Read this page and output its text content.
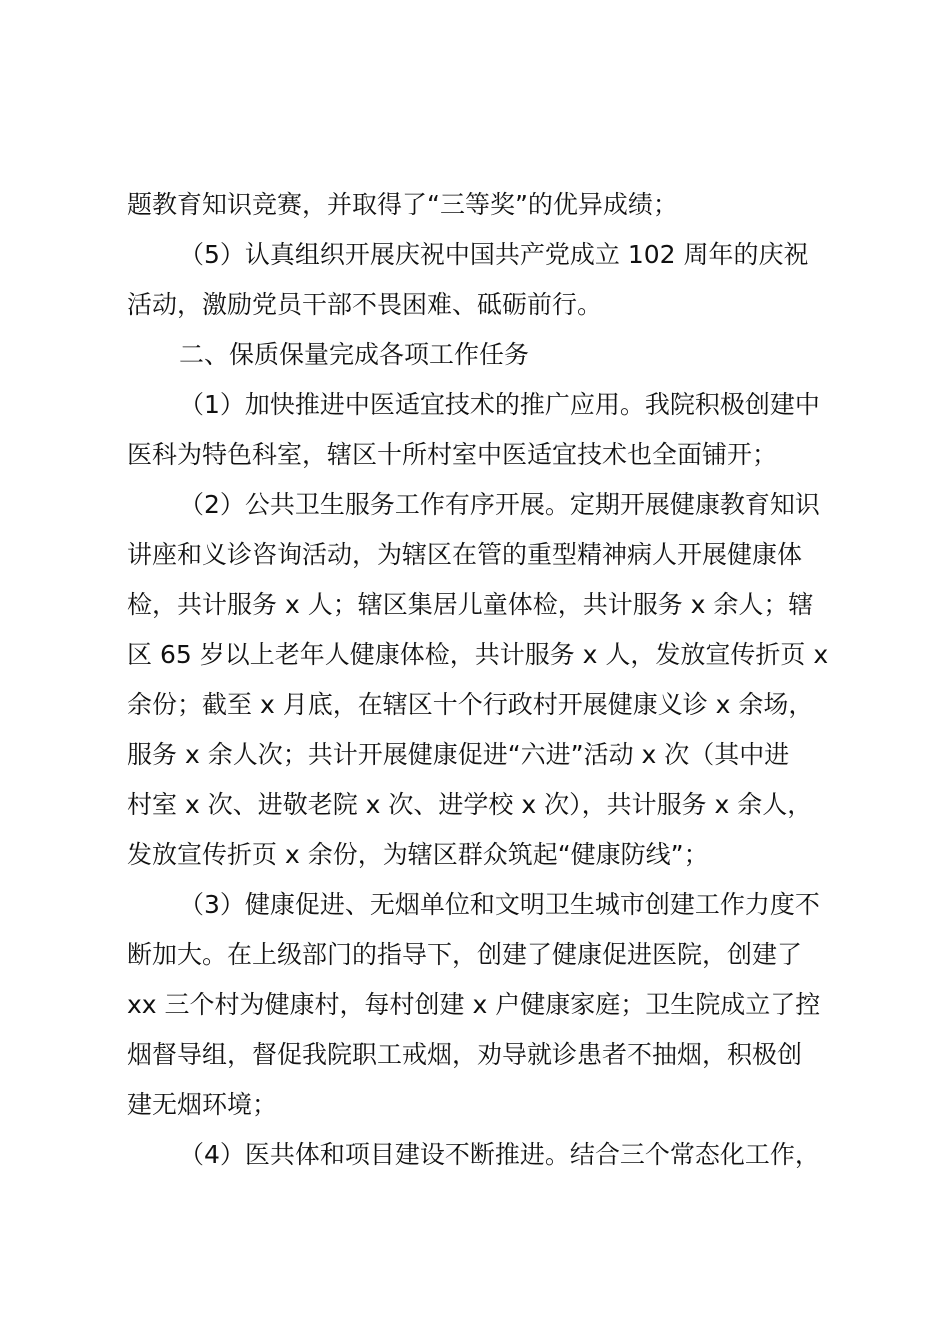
题教育知识竞赛，并取得了“三等奖”的优异成绩；
（5）认真组织开展庆祝中国共产党成立 102 周年的庆祝
活动，激励党员干部不畏困难、砥砺前行。
二、保质保量完成各项工作任务
（1）加快推进中医适宜技术的推广应用。我院积极创建中
医科为特色科室，辖区十所村室中医适宜技术也全面铺开；
（2）公共卫生服务工作有序开展。定期开展健康教育知识
讲座和义诊咨询活动，为辖区在管的重型精神病人开展健康体
检，共计服务 x 人；辖区集居儿童体检，共计服务 x 余人；辖
区 65 岁以上老年人健康体检，共计服务 x 人，发放宣传折页 x
余份；截至 x 月底，在辖区十个行政村开展健康义诊 x 余场，
服务 x 余人次；共计开展健康促进“六进”活动 x 次（其中进
村室 x 次、进敬老院 x 次、进学校 x 次），共计服务 x 余人，
发放宣传折页 x 余份，为辖区群众筑起“健康防线”；
（3）健康促进、无烟单位和文明卫生城市创建工作力度不
断加大。在上级部门的指导下，创建了健康促进医院，创建了
xx 三个村为健康村，每村创建 x 户健康家庭；卫生院成立了控
烟督导组，督促我院职工戒烟，劝导就诊患者不抽烟，积极创
建无烟环境；
（4）医共体和项目建设不断推进。结合三个常态化工作，
